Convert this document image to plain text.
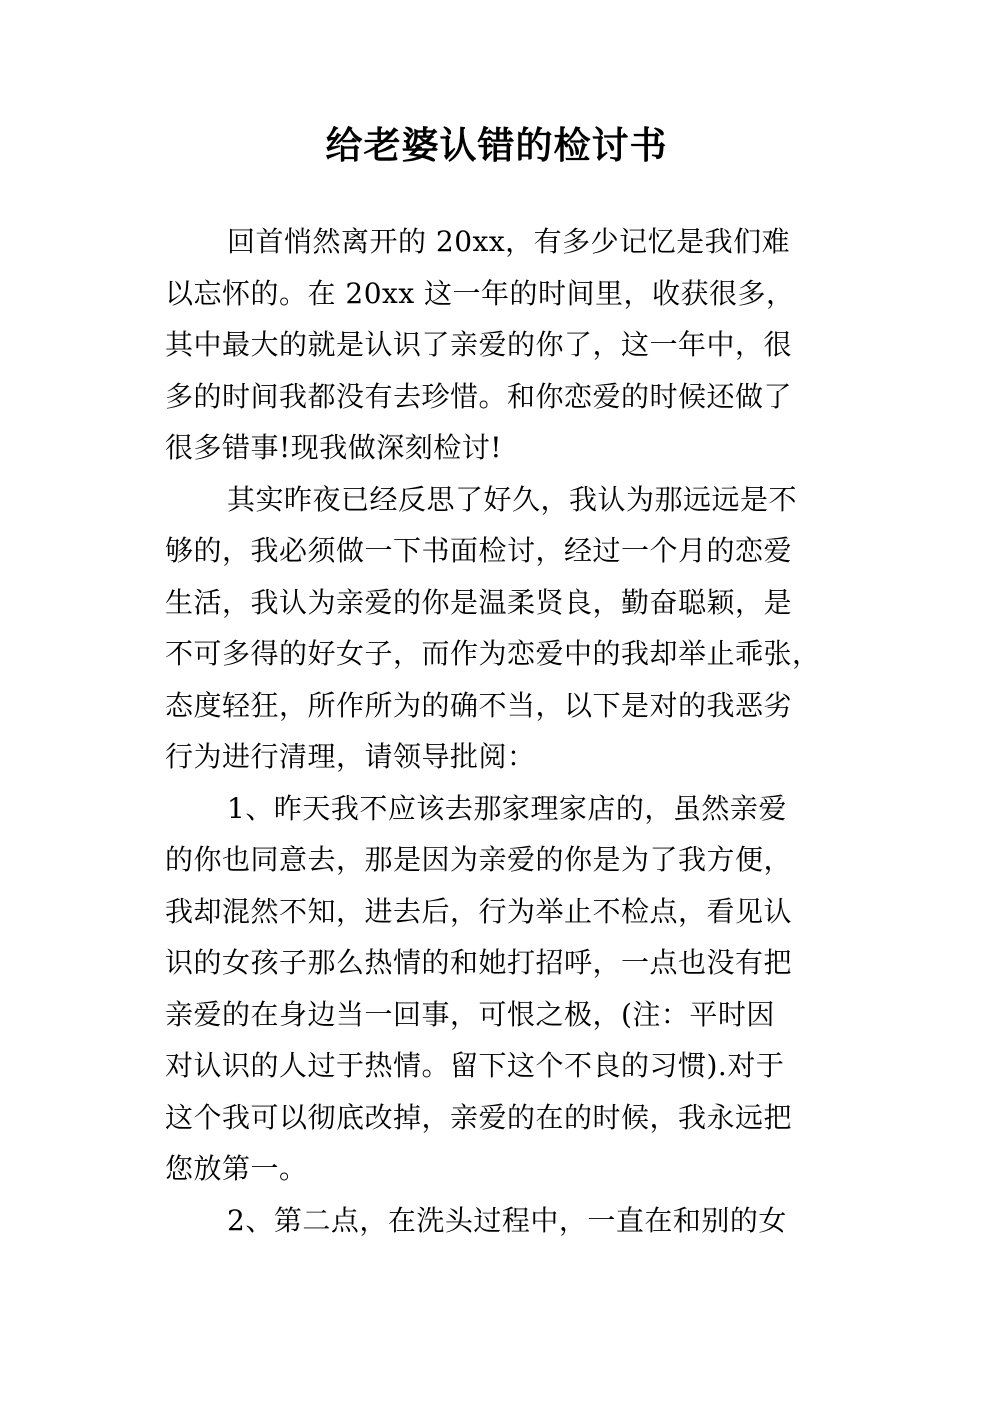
给老婆认错的检讨书
回首悄然离开的 20xx，有多少记忆是我们难
以忘怀的。在 20xx 这一年的时间里，收获很多，
其中最大的就是认识了亲爱的你了，这一年中，很
多的时间我都没有去珍惜。和你恋爱的时候还做了
很多错事!现我做深刻检讨!
其实昨夜已经反思了好久，我认为那远远是不
够的，我必须做一下书面检讨，经过一个月的恋爱
生活，我认为亲爱的你是温柔贤良，勤奋聪颖，是
不可多得的好女子，而作为恋爱中的我却举止乖张，
态度轻狂，所作所为的确不当，以下是对的我恶劣
行为进行清理，请领导批阅：
1、昨天我不应该去那家理家店的，虽然亲爱
的你也同意去，那是因为亲爱的你是为了我方便，
我却混然不知，进去后，行为举止不检点，看见认
识的女孩子那么热情的和她打招呼，一点也没有把
亲爱的在身边当一回事，可恨之极，(注：平时因
对认识的人过于热情。留下这个不良的习惯).对于
这个我可以彻底改掉，亲爱的在的时候，我永远把
您放第一。
2、第二点，在洗头过程中，一直在和别的女
